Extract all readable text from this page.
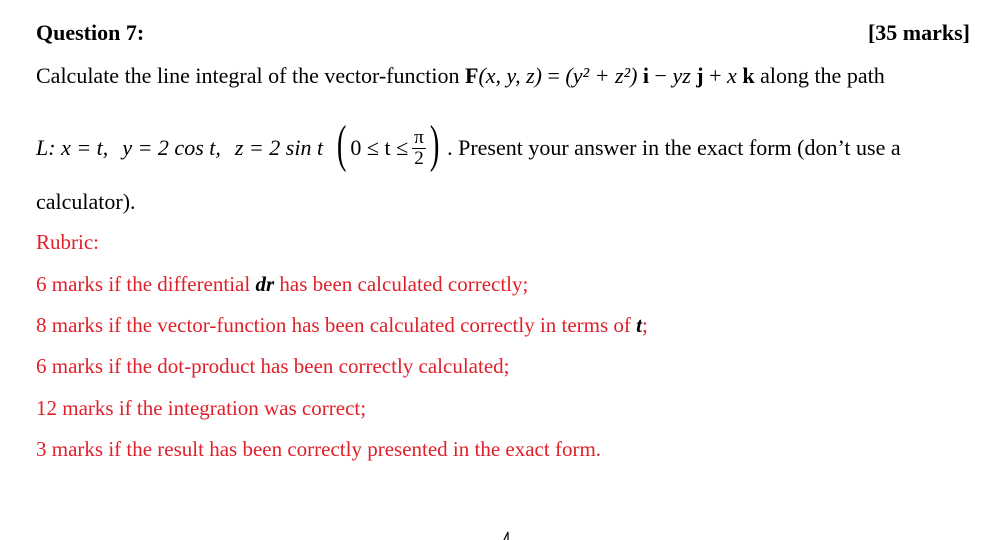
Question 7:	[35 marks]
Calculate the line integral of the vector-function F(x, y, z) = (y² + z²) i − yz j + x k along the path
L : x = t, y = 2 cos t, z = 2 sin t ( $0 \le t \le \frac{\pi}{2}$ ) . Present your answer in the exact form (don’t use a
calculator).
Rubric:
6 marks if the differential dr has been calculated correctly;
8 marks if the vector-function has been calculated correctly in terms of t;
6 marks if the dot-product has been correctly calculated;
12 marks if the integration was correct;
3 marks if the result has been correctly presented in the exact form.
